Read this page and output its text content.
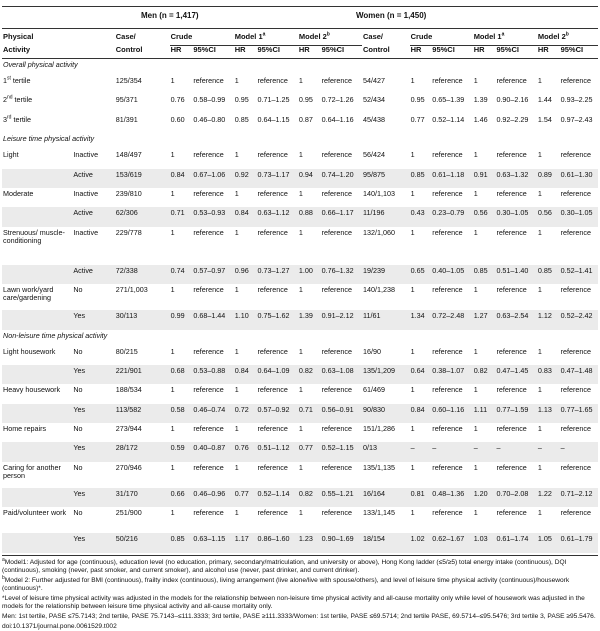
Men (n = 1,417)	Women (n = 1,450)
Physical		Case/	Crude		Model 1$^a$		Model 2$^b$		Case/	Crude		Model 1$^a$		Model 2$^b$
Activity		Control	HR	95%CI	HR	95%CI	HR	95%CI	Control	HR	95%CI	HR	95%CI	HR	95%CI
Overall physical activity															
1st tertile		125/354	1	reference	1	reference	1	reference	54/427	1	reference	1	reference	1	reference
2nd tertile		95/371	0.76	0.58–0.99	0.95	0.71–1.25	0.95	0.72–1.26	52/434	0.95	0.65–1.39	1.39	0.90–2.16	1.44	0.93–2.25
3rd tertile		81/391	0.60	0.46–0.80	0.85	0.64–1.15	0.87	0.64–1.16	45/438	0.77	0.52–1.14	1.46	0.92–2.29	1.54	0.97–2.43
Leisure time physical activity															
Light	Inactive	148/497	1	reference	1	reference	1	reference	56/424	1	reference	1	reference	1	reference
	Active	153/619	0.84	0.67–1.06	0.92	0.73–1.17	0.94	0.74–1.20	95/875	0.85	0.61–1.18	0.91	0.63–1.32	0.89	0.61–1.30
Moderate	Inactive	239/810	1	reference	1	reference	1	reference	140/1,103	1	reference	1	reference	1	reference
	Active	62/306	0.71	0.53–0.93	0.84	0.63–1.12	0.88	0.66–1.17	11/196	0.43	0.23–0.79	0.56	0.30–1.05	0.56	0.30–1.05
Strenuous/ muscle-conditioning	Inactive	229/778	1	reference	1	reference	1	reference	132/1,060	1	reference	1	reference	1	reference
	Active	72/338	0.74	0.57–0.97	0.96	0.73–1.27	1.00	0.76–1.32	19/239	0.65	0.40–1.05	0.85	0.51–1.40	0.85	0.52–1.41
Lawn work/yard care/gardening	No	271/1,003	1	reference	1	reference	1	reference	140/1,238	1	reference	1	reference	1	reference
	Yes	30/113	0.99	0.68–1.44	1.10	0.75–1.62	1.39	0.91–2.12	11/61	1.34	0.72–2.48	1.27	0.63–2.54	1.12	0.52–2.42
Non-leisure time physical activity															
Light housework	No	80/215	1	reference	1	reference	1	reference	16/90	1	reference	1	reference	1	reference
	Yes	221/901	0.68	0.53–0.88	0.84	0.64–1.09	0.82	0.63–1.08	135/1,209	0.64	0.38–1.07	0.82	0.47–1.45	0.83	0.47–1.48
Heavy housework	No	188/534	1	reference	1	reference	1	reference	61/469	1	reference	1	reference	1	reference
	Yes	113/582	0.58	0.46–0.74	0.72	0.57–0.92	0.71	0.56–0.91	90/830	0.84	0.60–1.16	1.11	0.77–1.59	1.13	0.77–1.65
Home repairs	No	273/944	1	reference	1	reference	1	reference	151/1,286	1	reference	1	reference	1	reference
	Yes	28/172	0.59	0.40–0.87	0.76	0.51–1.12	0.77	0.52–1.15	0/13	–	–	–	–	–	–
Caring for another person	No	270/946	1	reference	1	reference	1	reference	135/1,135	1	reference	1	reference	1	reference
	Yes	31/170	0.66	0.46–0.96	0.77	0.52–1.14	0.82	0.55–1.21	16/164	0.81	0.48–1.36	1.20	0.70–2.08	1.22	0.71–2.12
Paid/volunteer work	No	251/900	1	reference	1	reference	1	reference	133/1,145	1	reference	1	reference	1	reference
	Yes	50/216	0.85	0.63–1.15	1.17	0.86–1.60	1.23	0.90–1.69	18/154	1.02	0.62–1.67	1.03	0.61–1.74	1.05	0.61–1.79

$^a$Model1: Adjusted for age (continuous), education level (no education, primary, secondary/matriculation, and university or above), Hong Kong ladder (≤5/≥5) total energy intake (continuous), DQI (continuous), smoking (never, past smoker, and current smoker), and alcohol use (never, past drinker, and current drinker).

$^b$Model 2: Further adjusted for BMI (continuous), frailty index (continuous), living arrangement (live alone/live with spouse/others), and level of leisure time physical activity (continuous)/housework (continuous)*.

*Level of leisure time physical activity was adjusted in the models for the relationship between non-leisure time physical activity and all-cause mortality only while level of housework was adjusted in the models for the relationship between leisure time physical activity and all-cause mortality only.

Men: 1st tertile, PASE ≤75.7143; 2nd tertile, PASE 75.7143–≤111.3333; 3rd tertile, PASE ≥111.3333/Women: 1st tertile, PASE ≤69.5714; 2nd tertile PASE, 69.5714–≤95.5476; 3rd tertile 3, PASE ≥95.5476.

doi:10.1371/journal.pone.0061529.t002
